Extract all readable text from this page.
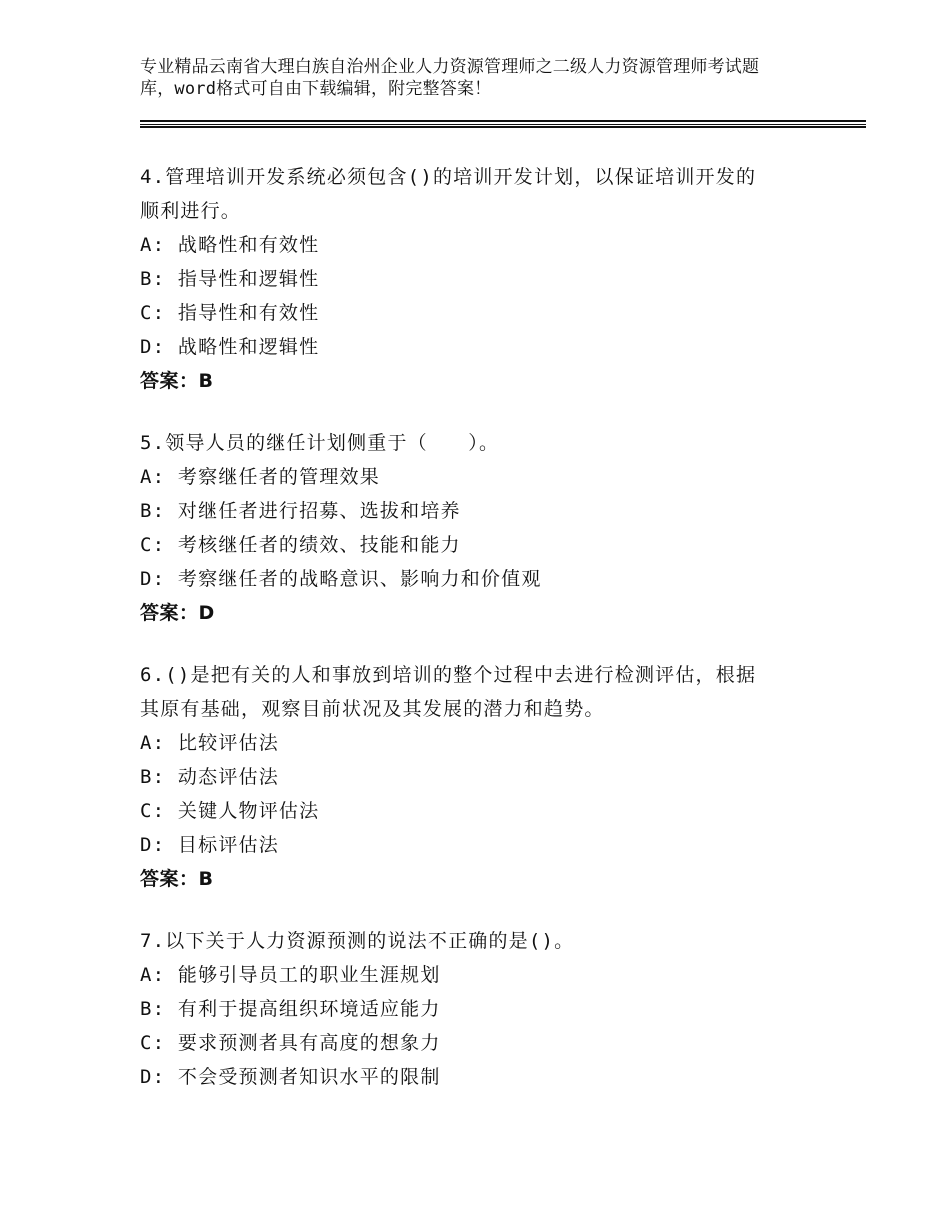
专业精品云南省大理白族自治州企业人力资源管理师之二级人力资源管理师考试题
库，word格式可自由下载编辑，附完整答案！
4.管理培训开发系统必须包含()的培训开发计划，以保证培训开发的
顺利进行。
A: 战略性和有效性
B: 指导性和逻辑性
C: 指导性和有效性
D: 战略性和逻辑性
答案：B
5.领导人员的继任计划侧重于（　　）。
A: 考察继任者的管理效果
B: 对继任者进行招募、选拔和培养
C: 考核继任者的绩效、技能和能力
D: 考察继任者的战略意识、影响力和价值观
答案：D
6.()是把有关的人和事放到培训的整个过程中去进行检测评估，根据
其原有基础，观察目前状况及其发展的潜力和趋势。
A: 比较评估法
B: 动态评估法
C: 关键人物评估法
D: 目标评估法
答案：B
7.以下关于人力资源预测的说法不正确的是()。
A: 能够引导员工的职业生涯规划
B: 有利于提高组织环境适应能力
C: 要求预测者具有高度的想象力
D: 不会受预测者知识水平的限制
